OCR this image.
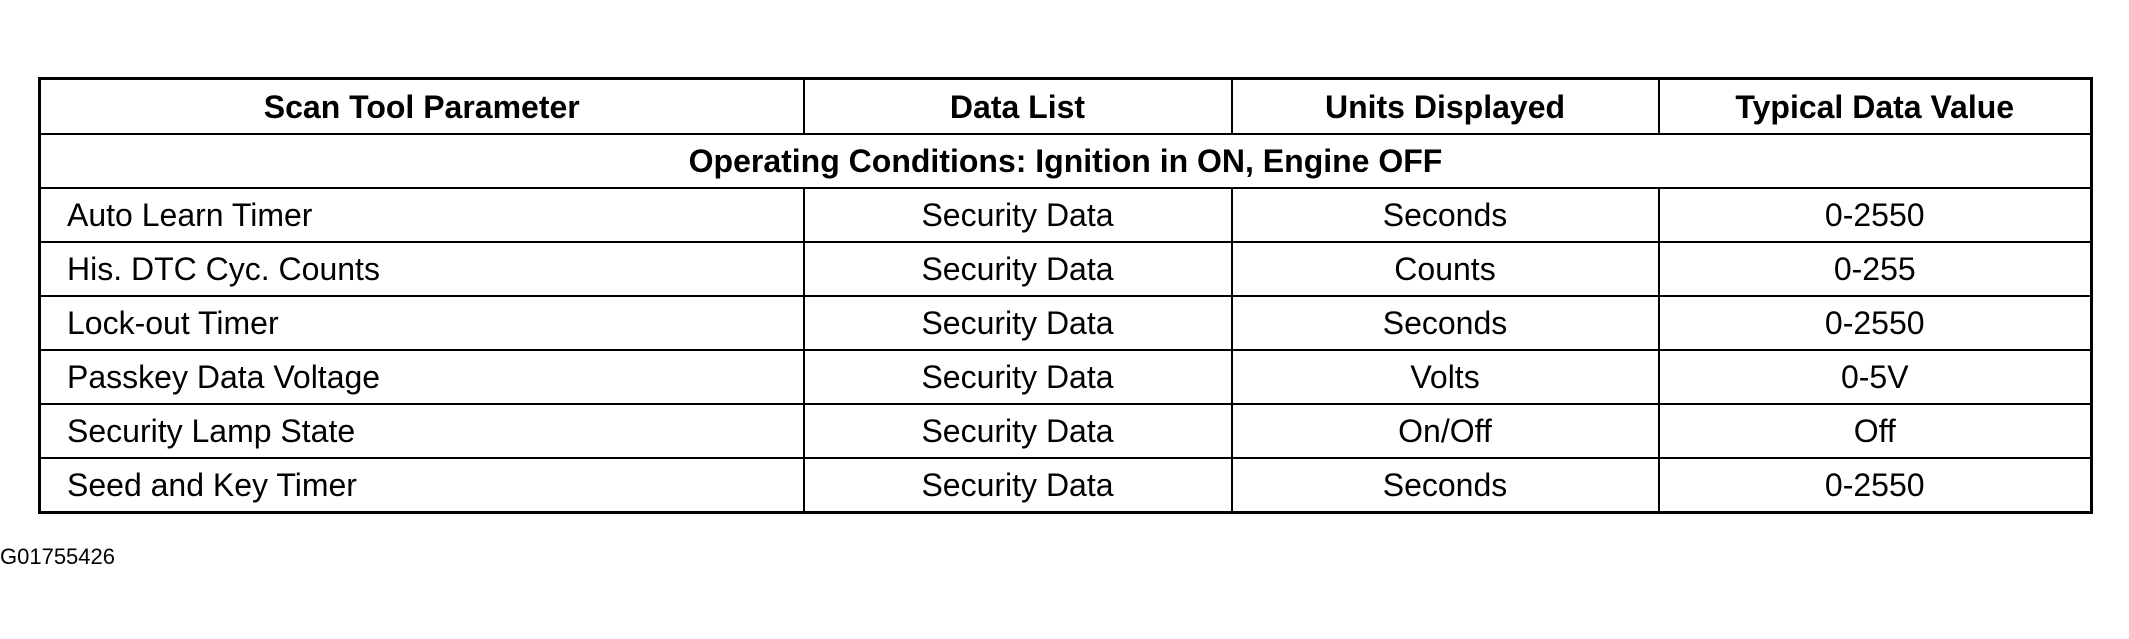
Scan Tool Parameter	Data List	Units Displayed	Typical Data Value
Operating Conditions: Ignition in ON, Engine OFF			
Auto Learn Timer	Security Data	Seconds	0-2550
His. DTC Cyc. Counts	Security Data	Counts	0-255
Lock-out Timer	Security Data	Seconds	0-2550
Passkey Data Voltage	Security Data	Volts	0-5V
Security Lamp State	Security Data	On/Off	Off
Seed and Key Timer	Security Data	Seconds	0-2550
G01755426
